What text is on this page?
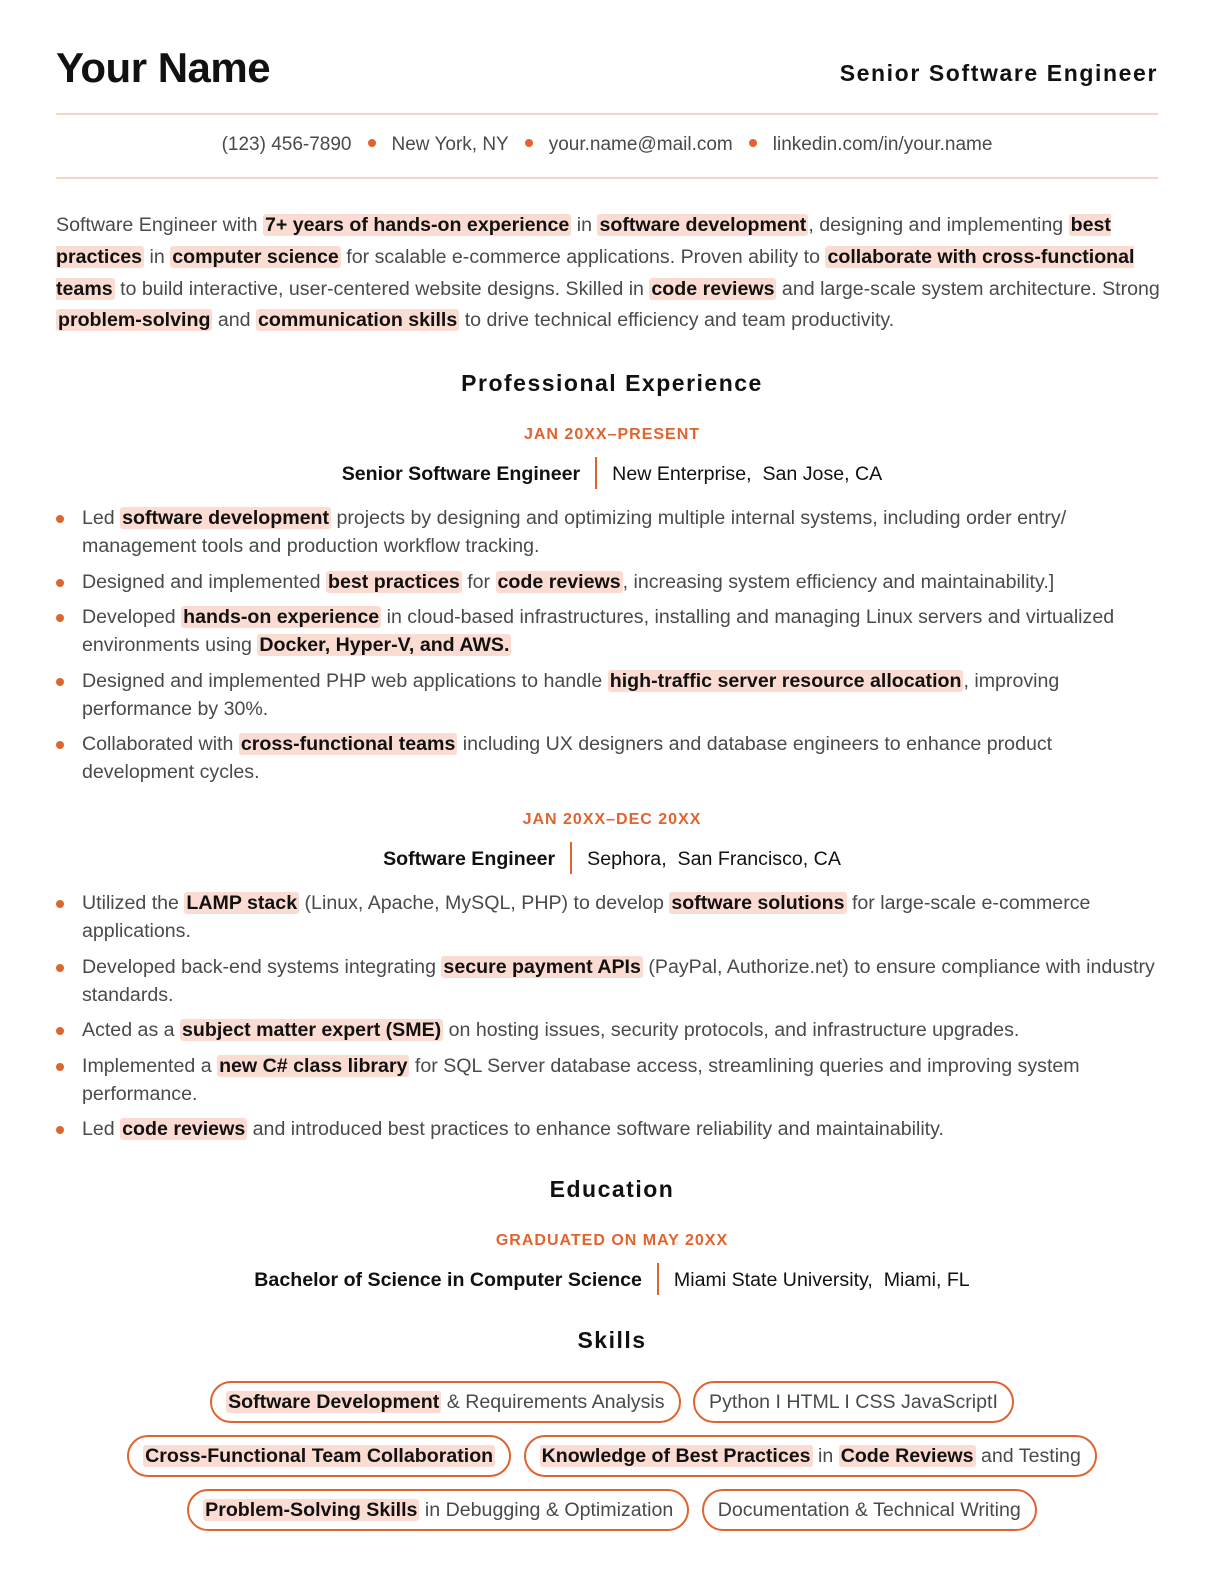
Your Name	Senior Software Engineer
(123) 456-7890 New York, NY your.name@mail.com linkedin.com/in/your.name

Software Engineer with 7+ years of hands-on experience in software development , designing and implementing best practices in computer science for scalable e-commerce applications. Proven ability to collaborate with cross-functional teams to build interactive, user-centered website designs. Skilled in code reviews and large-scale system architecture. Strong problem-solving and communication skills to drive technical efficiency and team productivity.

Professional Experience
JAN 20XX–PRESENT
Senior Software Engineer New Enterprise, San Jose, CA
Led software development projects by designing and optimizing multiple internal systems, including order entry/ management tools and production workflow tracking.
Designed and implemented best practices for code reviews , increasing system efficiency and maintainability.]
Developed hands-on experience in cloud-based infrastructures, installing and managing Linux servers and virtualized environments using Docker, Hyper-V, and AWS.
Designed and implemented PHP web applications to handle high-traffic server resource allocation , improving performance by 30%.
Collaborated with cross-functional teams including UX designers and database engineers to enhance product development cycles.
JAN 20XX–DEC 20XX
Software Engineer Sephora, San Francisco, CA
Utilized the LAMP stack (Linux, Apache, MySQL, PHP) to develop software solutions for large-scale e-commerce applications.
Developed back-end systems integrating secure payment APIs (PayPal, Authorize.net) to ensure compliance with industry standards.
Acted as a subject matter expert (SME) on hosting issues, security protocols, and infrastructure upgrades.
Implemented a new C# class library for SQL Server database access, streamlining queries and improving system performance.
Led code reviews and introduced best practices to enhance software reliability and maintainability.
Education
GRADUATED ON MAY 20XX
Bachelor of Science in Computer Science Miami State University, Miami, FL
Skills
Software Development & Requirements Analysis Python I HTML I CSS JavaScriptI
Cross-Functional Team Collaboration Knowledge of Best Practices in Code Reviews and Testing
Problem-Solving Skills in Debugging & Optimization Documentation & Technical Writing
